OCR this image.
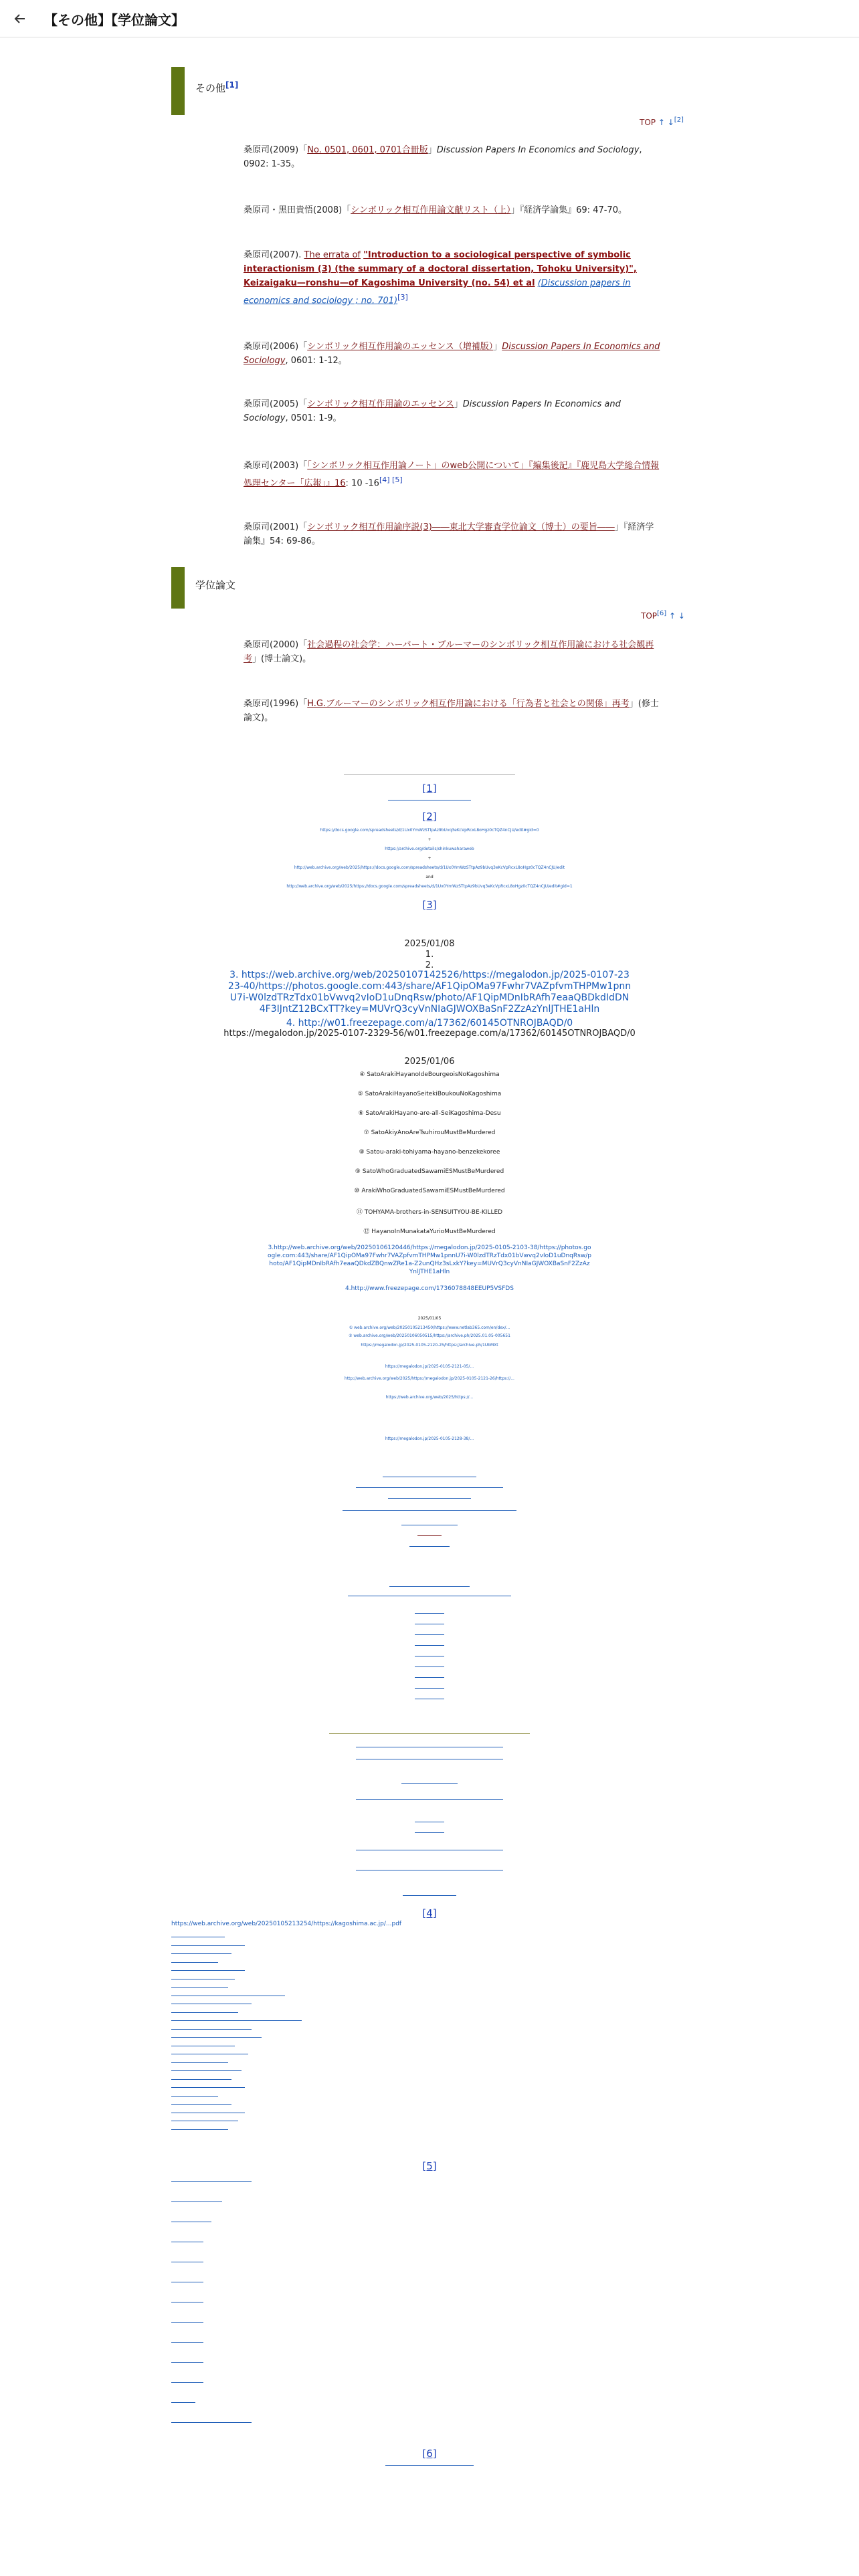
【その他】【学位論文】
その他[1]
TOP ↑ ↓[2]
桑原司(2009)「No. 0501, 0601, 0701合冊版」Discussion Papers In Economics and Sociology, 0902: 1-35。
桑原司・黒田貴悟(2008)「シンボリック相互作用論文献リスト（上）」『経済学論集』69: 47-70。
桑原司(2007). The errata of "Introduction to a sociological perspective of symbolic interactionism (3) (the summary of a doctoral dissertation, Tohoku University)", Keizaigaku—ronshu—of Kagoshima University (no. 54) et al (Discussion papers in economics and sociology ; no. 701)[3]
桑原司(2006)「シンボリック相互作用論のエッセンス（増補版）」Discussion Papers In Economics and Sociology, 0601: 1-12。
桑原司(2005)「シンボリック相互作用論のエッセンス」Discussion Papers In Economics and Sociology, 0501: 1-9。
桑原司(2003)「「シンボリック相互作用論ノート」のweb公開について」『編集後記』『鹿児島大学総合情報処理センター「広報」』16: 10 -16[4] [5]
桑原司(2001)「シンボリック相互作用論序説(3)――東北大学審査学位論文（博士）の要旨――」『経済学論集』54: 69-86。
学位論文
TOP[6] ↑ ↓
桑原司(2000)「社会過程の社会学：ハーバート・ブルーマーのシンボリック相互作用論における社会観再考」(博士論文)。
桑原司(1996)「H.G.ブルーマーのシンボリック相互作用論における「行為者と社会との関係」再考」(修士論文)。
[1]
[2]
https://docs.google.com/spreadsheets/d/1Ux0YmWzSTtpAz9bUvq3eKcVpRcxL8oHgz0cTQZ4nCJU/edit#gid=0
+
https://archive.org/details/shinkuwaharaweb
+
http://web.archive.org/web/2025/https://docs.google.com/spreadsheets/d/1Ux0YmWzSTtpAz9bUvq3eKcVpRcxL8oHgz0cTQZ4nCJU/edit
and
http://web.archive.org/web/2025/https://docs.google.com/spreadsheets/d/1Ux0YmWzSTtpAz9bUvq3eKcVpRcxL8oHgz0cTQZ4nCJU/edit#gid=1
[3]
2025/01/08
1.
2.
3. https://web.archive.org/web/20250107142526/https://megalodon.jp/2025-0107-2323-40/https://photos.google.com:443/share/AF1QipOMa97Fwhr7VAZpfvmTHPMw1pnnU7i-W0lzdTRzTdx01bVwvq2vIoD1uDnqRsw/photo/AF1QipMDnIbRAfh7eaaQBDkdIdDN4F3IJntZ12BCxTT?key=MUVrQ3cyVnNIaGJWOXBaSnF2ZzAzYnlJTHE1aHln
4. http://w01.freezepage.com/a/17362/60145OTNROJBAQD/0
https://megalodon.jp/2025-0107-2329-56/w01.freezepage.com/a/17362/60145OTNROJBAQD/0
2025/01/06
④ SatoArakiHayanoIdeBourgeoisNoKagoshima
⑤ SatoArakiHayanoSeitekiBoukouNoKagoshima
⑥ SatoArakiHayano-are-all-SeiKagoshima-Desu
⑦ SatoAkiyAnoAreTsuhirouMustBeMurdered
⑧ Satou-araki-tohiyama-hayano-benzekekoree
⑨ SatoWhoGraduatedSawamiESMustBeMurdered
⑩ ArakiWhoGraduatedSawamiESMustBeMurdered
⑪ TOHYAMA-brothers-in-SENSUITYOU-BE-KILLED
⑫ HayanoInMunakataYurioMustBeMurdered
3.http://web.archive.org/web/20250106120446/https://megalodon.jp/2025-0105-2103-38/https://photos.google.com:443/share/AF1QipOMa97Fwhr7VAZpfvmTHPMw1pnnU7i-W0lzdTRzTdx01bVwvq2vIoD1uDnqRsw/photo/AF1QipMDnIbRAfh7eaaQDkdZBQnwZRe1a-Z2unQHz3sLxkY?key=MUVrQ3cyVnNIaGJWOXBaSnF2ZzAzYnlJTHE1aHln
4.http://www.freezepage.com/1736078848EEUP5VSFDS
2025/01/05
① web.archive.org/web/20250105213450/https://www.netlab365.com/en/dex/...
② web.archive.org/web/20250106050515/https://archive.ph/2025.01.05-005651
https://megalodon.jp/2025-0105-2120-25/https://archive.ph/1UbMXt
https://megalodon.jp/2025-0105-2121-05/...
http://web.archive.org/web/2025/https://megalodon.jp/2025-0105-2121-26/https://...
https://web.archive.org/web/2025/https://...
https://megalodon.jp/2025-0105-2128-38/...
[4]
https://web.archive.org/web/20250105213254/https://kagoshima.ac.jp/...pdf
[5]
[6]
